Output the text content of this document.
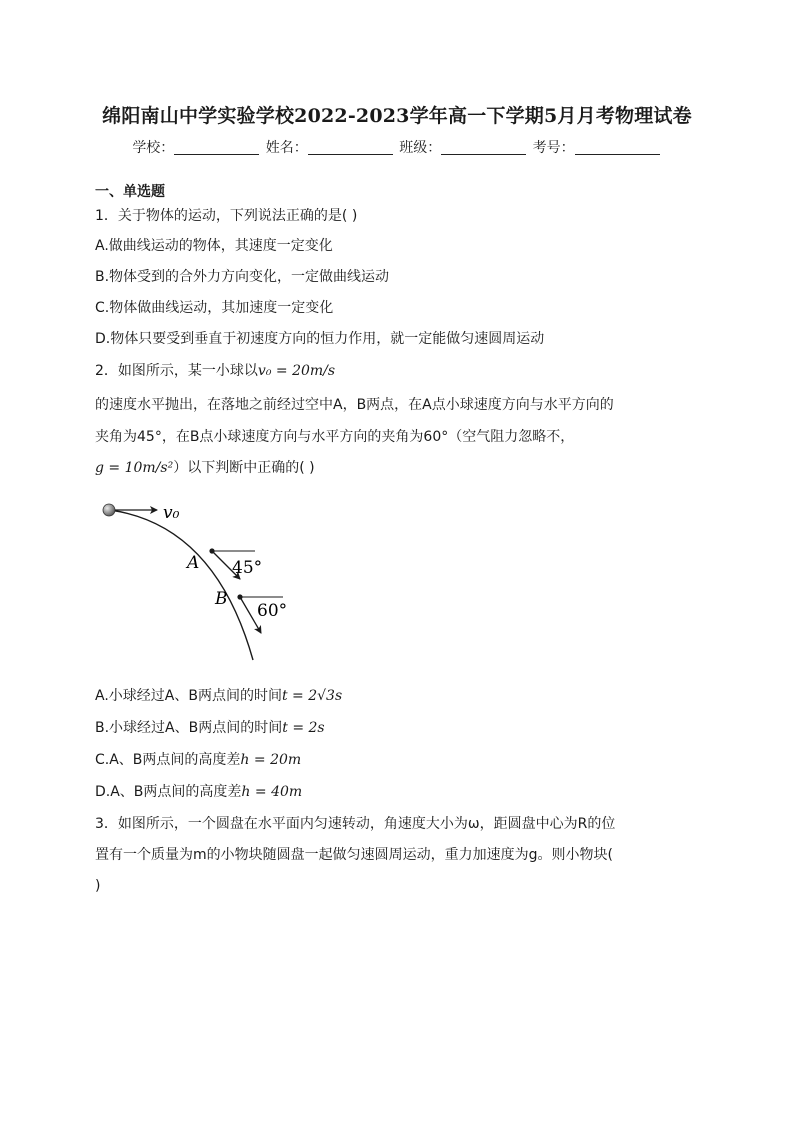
绵阳南山中学实验学校2022-2023学年高一下学期5月月考物理试卷
学校：	姓名：	班级：	考号：
一、单选题
1．关于物体的运动，下列说法正确的是( )
A.做曲线运动的物体，其速度一定变化
B.物体受到的合外力方向变化，一定做曲线运动
C.物体做曲线运动，其加速度一定变化
D.物体只要受到垂直于初速度方向的恒力作用，就一定能做匀速圆周运动
2．如图所示，某一小球以v₀ = 20m/s
的速度水平抛出，在落地之前经过空中A，B两点，在A点小球速度方向与水平方向的
夹角为45°，在B点小球速度方向与水平方向的夹角为60°（空气阻力忽略不，
g = 10m/s²）以下判断中正确的( )
v₀
A 45°
B
60°
A.小球经过A、B两点间的时间t = 2√3s
B.小球经过A、B两点间的时间t = 2s
C.A、B两点间的高度差h = 20m
D.A、B两点间的高度差h = 40m
3．如图所示，一个圆盘在水平面内匀速转动，角速度大小为ω，距圆盘中心为R的位
置有一个质量为m的小物块随圆盘一起做匀速圆周运动，重力加速度为g。则小物块(
)
